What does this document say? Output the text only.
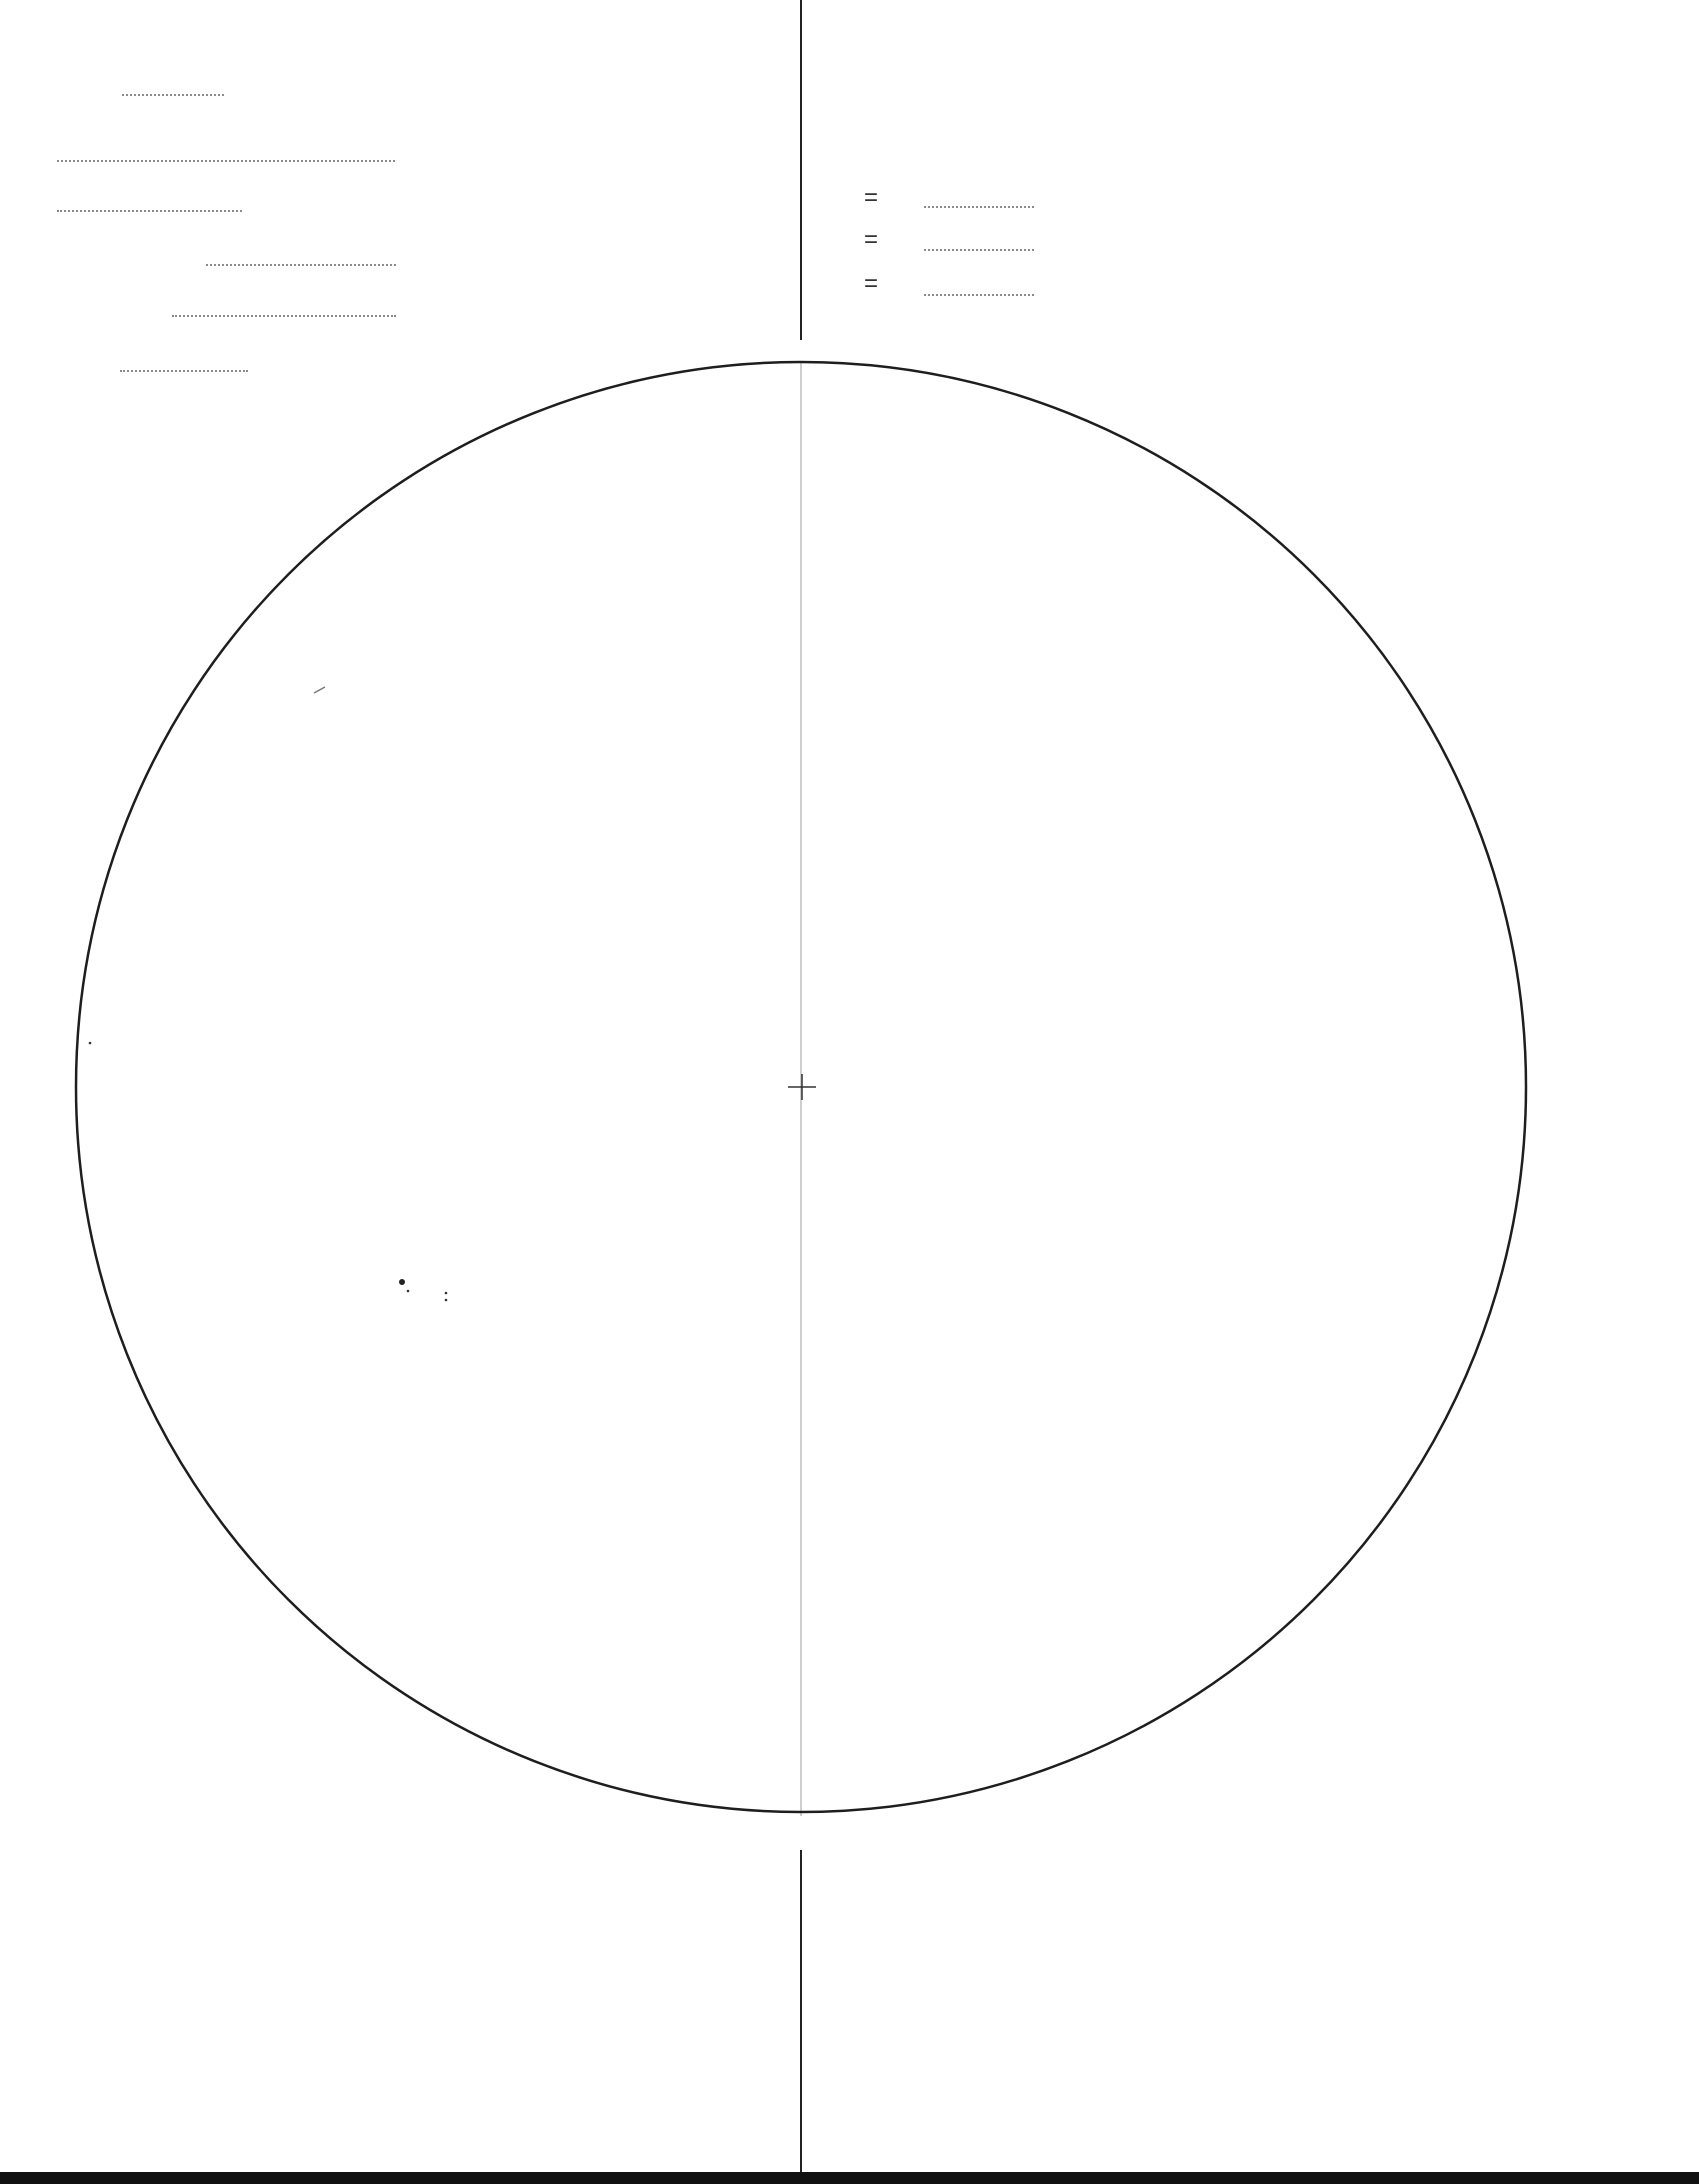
=
=
=
